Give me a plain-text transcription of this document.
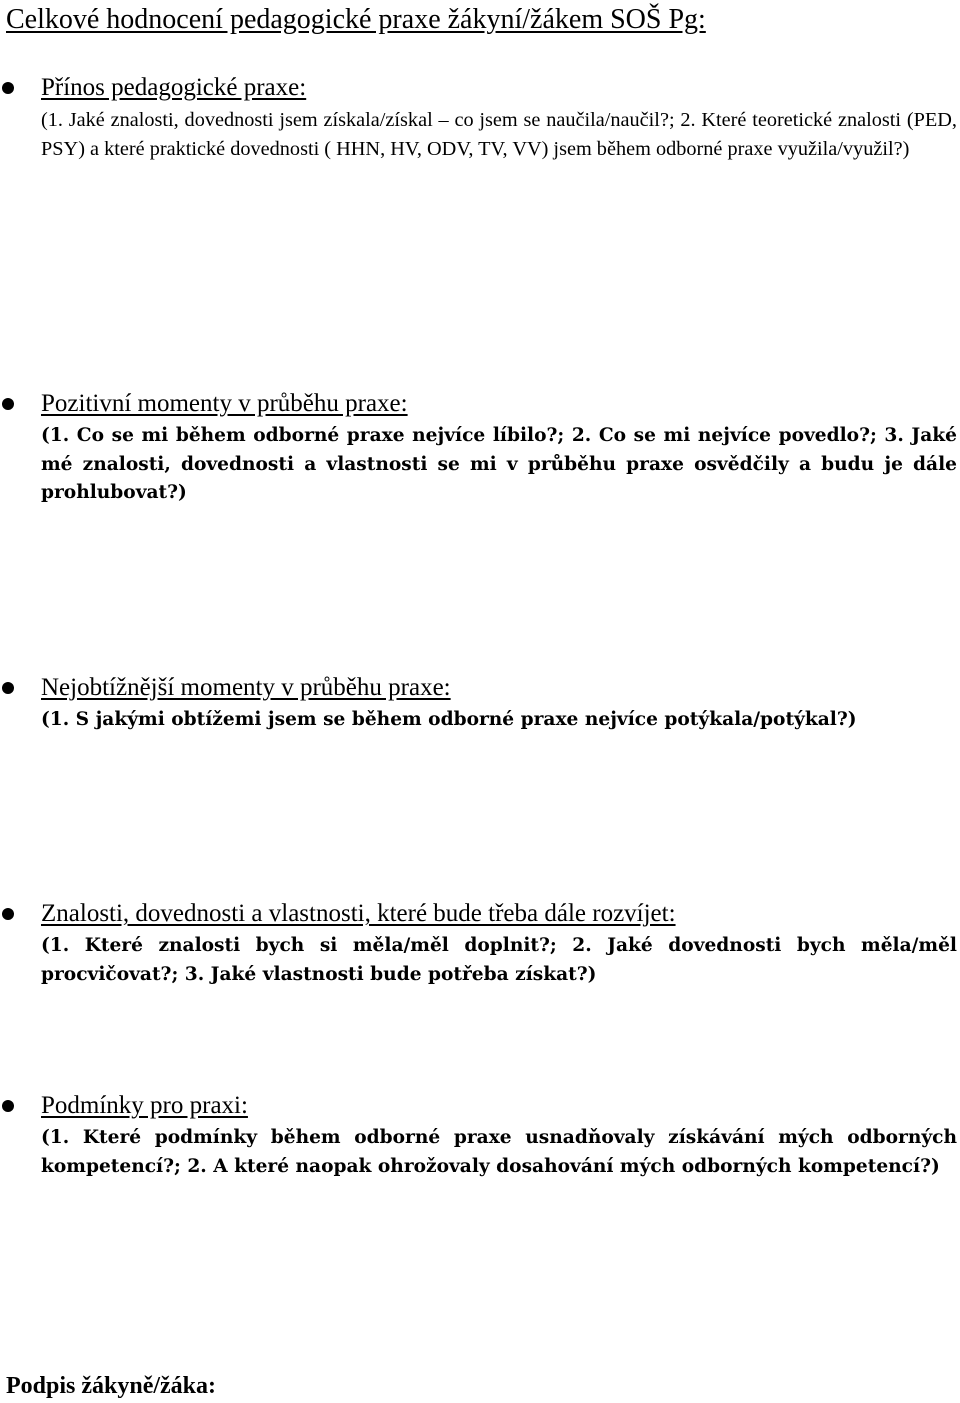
Celkové hodnocení pedagogické praxe žákyní/žákem SOŠ Pg:
Přínos pedagogické praxe:
(1. Jaké znalosti, dovednosti jsem získala/získal – co jsem se naučila/naučil?; 2. Které teoretické znalosti (PED, PSY) a které praktické dovednosti ( HHN, HV, ODV, TV, VV) jsem během odborné praxe využila/využil?)
Pozitivní momenty v průběhu praxe:
(1. Co se mi během odborné praxe nejvíce líbilo?; 2. Co se mi nejvíce povedlo?; 3. Jaké mé znalosti, dovednosti a vlastnosti se mi v průběhu praxe osvědčily a budu je dále prohlubovat?)
Nejobtížnější momenty v průběhu praxe:
(1. S jakými obtížemi jsem se během odborné praxe nejvíce potýkala/potýkal?)
Znalosti, dovednosti a vlastnosti, které bude třeba dále rozvíjet:
(1. Které znalosti bych si měla/měl doplnit?; 2. Jaké dovednosti bych měla/měl procvičovat?; 3. Jaké vlastnosti bude potřeba získat?)
Podmínky pro praxi:
(1. Které podmínky během odborné praxe usnadňovaly získávání mých odborných kompetencí?; 2. A které naopak ohrožovaly dosahování mých odborných kompetencí?)
Podpis žákyně/žáka:
